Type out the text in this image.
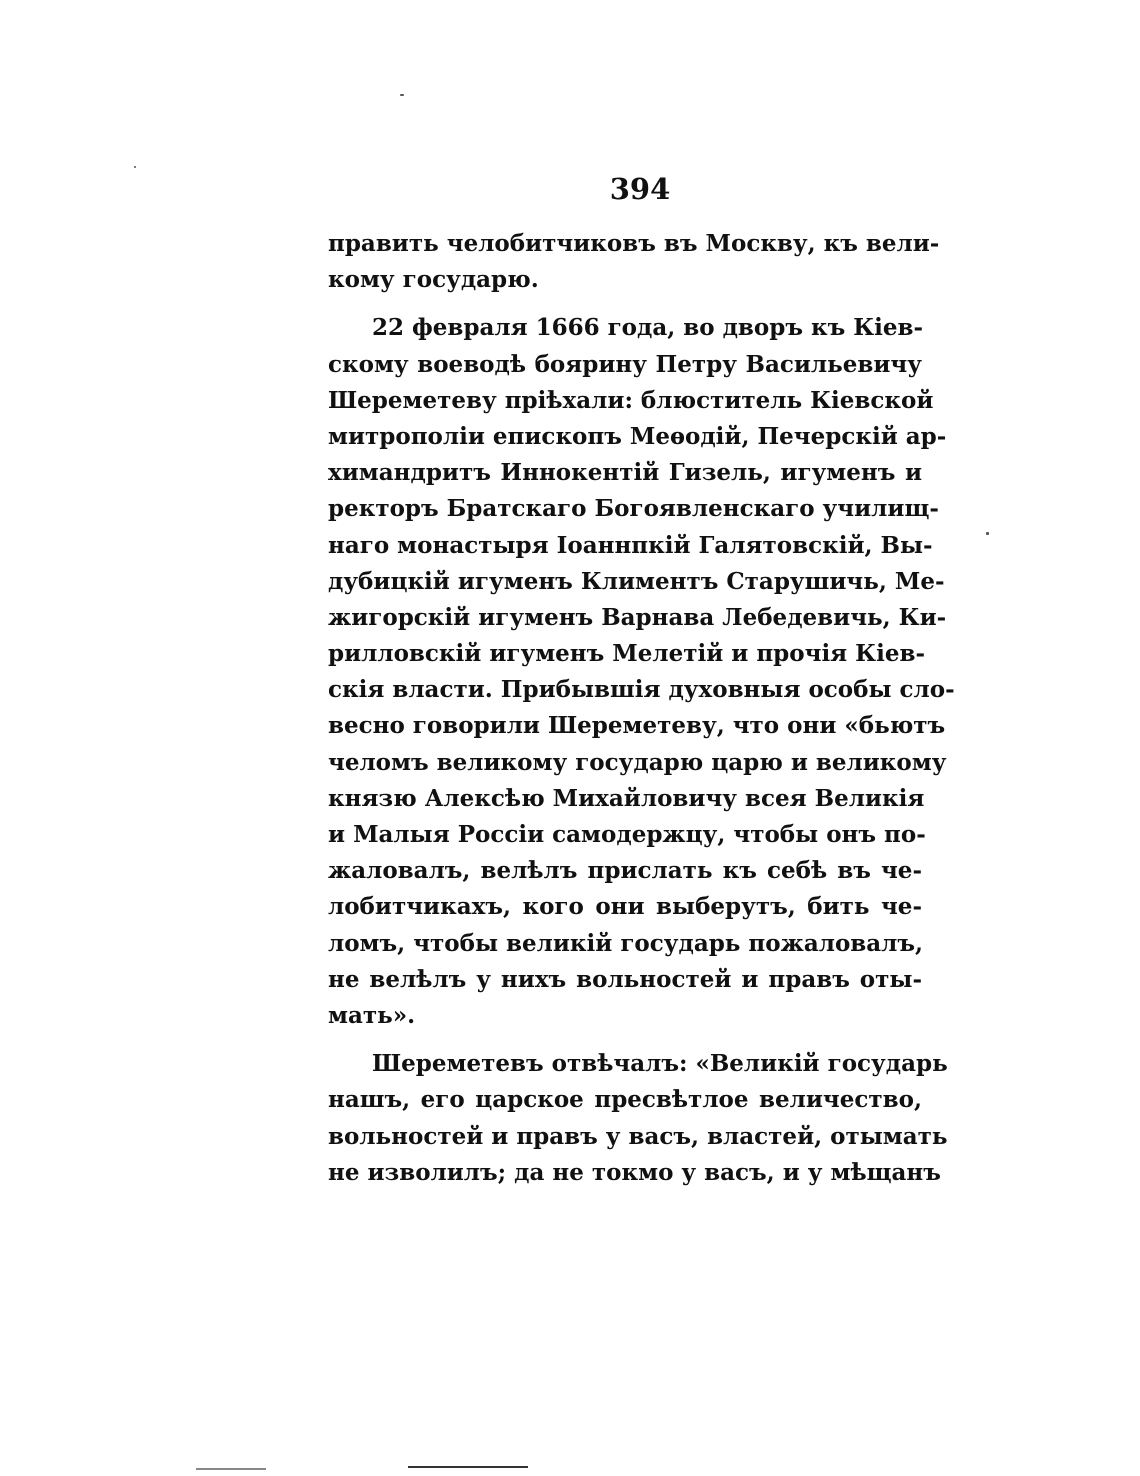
394
править челобитчиковъ въ Москву, къ вели-
кому государю.
22 февраля 1666 года, во дворъ къ Кiев-
скому воеводѣ боярину Петру Васильевичу
Шереметеву прiѣхали: блюститель Кiевской
митрополiи епископъ Меѳодiй, Печерскiй ар-
химандритъ Иннокентiй Гизель, игуменъ и
ректоръ Братскаго Богоявленскаго училищ-
наго монастыря Iоаннпкiй Галятовскiй, Вы-
дубицкiй игуменъ Климентъ Старушичь, Ме-
жигорскiй игуменъ Варнава Лебедевичь, Ки-
рилловскiй игуменъ Мелетiй и прочiя Кiев-
скiя власти. Прибывшiя духовныя особы сло-
весно говорили Шереметеву, что они «бьютъ
челомъ великому государю царю и великому
князю Алексѣю Михайловичу всея Великiя
и Малыя Россiи самодержцу, чтобы онъ по-
жаловалъ, велѣлъ прислать къ себѣ въ че-
лобитчикахъ, кого они выберутъ, бить че-
ломъ, чтобы великiй государь пожаловалъ,
не велѣлъ у нихъ вольностей и правъ оты-
мать».
Шереметевъ отвѣчалъ: «Великiй государь
нашъ, его царское пресвѣтлое величество,
вольностей и правъ у васъ, властей, отымать
не изволилъ; да не токмо у васъ, и у мѣщанъ
